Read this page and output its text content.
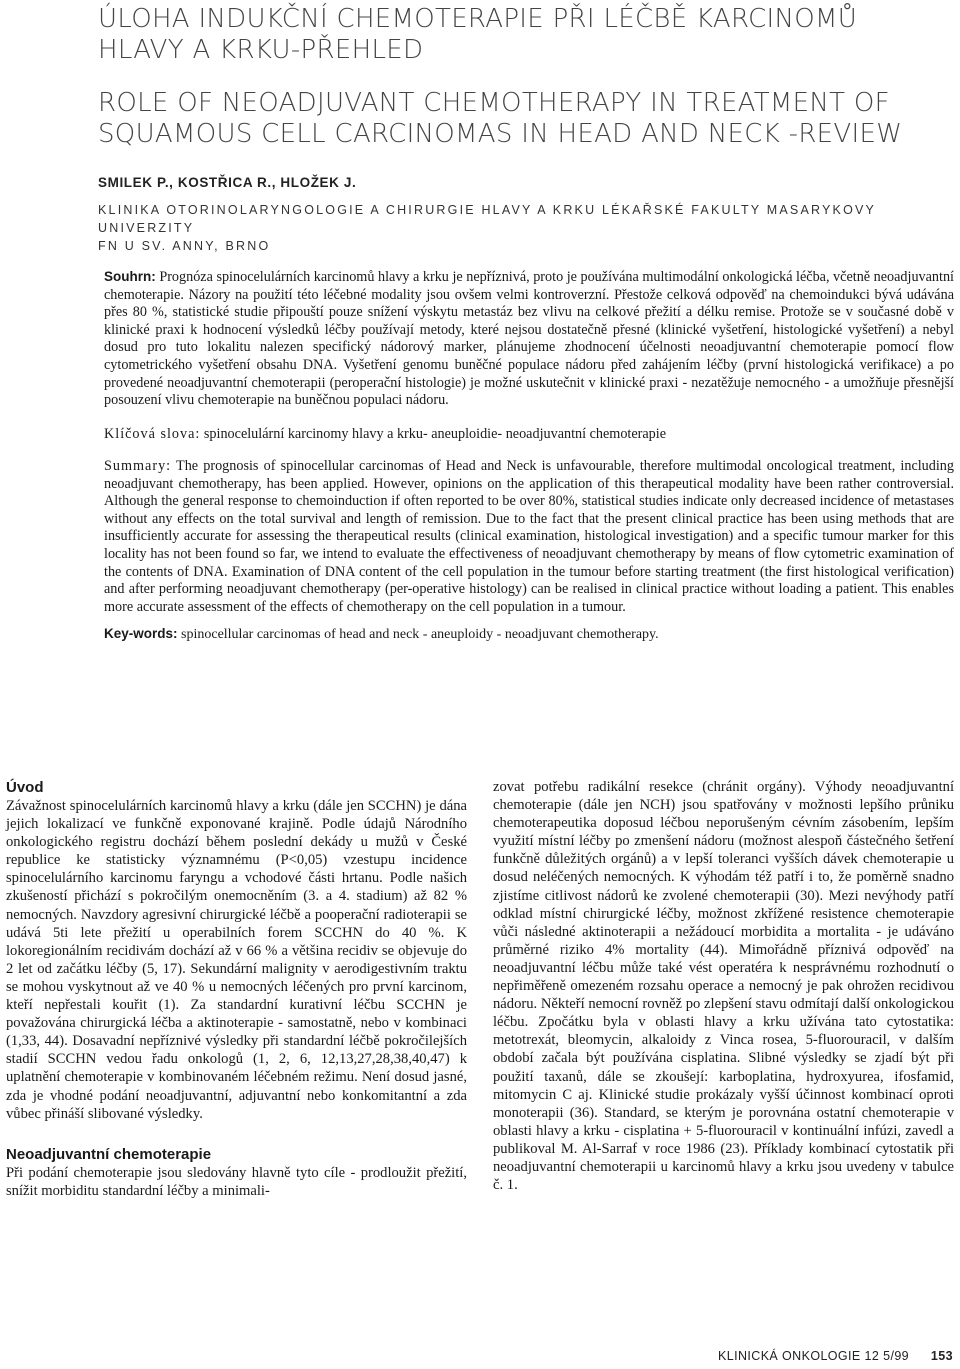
ÚLOHA INDUKČNÍ CHEMOTERAPIE PŘI LÉČBĚ KARCINOMŮ HLAVY A KRKU-PŘEHLED
ROLE OF NEOADJUVANT CHEMOTHERAPY IN TREATMENT OF SQUAMOUS CELL CARCINOMAS IN HEAD AND NECK -REVIEW
SMILEK P., KOSTŘICA R., HLOŽEK J.
KLINIKA OTORINOLARYNGOLOGIE A CHIRURGIE HLAVY A KRKU LÉKAŘSKÉ FAKULTY MASARYKOVY
UNIVERZITY
FN U SV. ANNY, BRNO
Souhrn: Prognóza spinocelulárních karcinomů hlavy a krku je nepříznivá, proto je používána multimodální onkologická léčba, včetně neoadjuvantní chemoterapie. Názory na použití této léčebné modality jsou ovšem velmi kontroverzní. Přestože celková odpověď na chemoindukci bývá udávána přes 80 %, statistické studie připouští pouze snížení výskytu metastáz bez vlivu na celkové přežití a délku remise. Protože se v současné době v klinické praxi k hodnocení výsledků léčby používají metody, které nejsou dostatečně přesné (klinické vyšetření, histologické vyšetření) a nebyl dosud pro tuto lokalitu nalezen specifický nádorový marker, plánujeme zhodnocení účelnosti neoadjuvantní chemoterapie pomocí flow cytometrického vyšetření obsahu DNA. Vyšetření genomu buněčné populace nádoru před zahájením léčby (první histologická verifikace) a po provedené neoadjuvantní chemoterapii (peroperační histologie) je možné uskutečnit v klinické praxi - nezatěžuje nemocného - a umožňuje přesnější posouzení vlivu chemoterapie na buněčnou populaci nádoru.
Klíčová slova: spinocelulární karcinomy hlavy a krku- aneuploidie- neoadjuvantní chemoterapie
Summary: The prognosis of spinocellular carcinomas of Head and Neck is unfavourable, therefore multimodal oncological treatment, including neoadjuvant chemotherapy, has been applied. However, opinions on the application of this therapeutical modality have been rather controversial. Although the general response to chemoinduction if often reported to be over 80%, statistical studies indicate only decreased incidence of metastases without any effects on the total survival and length of remission. Due to the fact that the present clinical practice has been using methods that are insufficiently accurate for assessing the therapeutical results (clinical examination, histological investigation) and a specific tumour marker for this locality has not been found so far, we intend to evaluate the effectiveness of neoadjuvant chemotherapy by means of flow cytometric examination of the contents of DNA. Examination of DNA content of the cell population in the tumour before starting treatment (the first histological verification) and after performing neoadjuvant chemotherapy (per-operative histology) can be realised in clinical practice without loading a patient. This enables more accurate assessment of the effects of chemotherapy on the cell population in a tumour.
Key-words: spinocellular carcinomas of head and neck - aneuploidy - neoadjuvant chemotherapy.

Úvod

Závažnost spinocelulárních karcinomů hlavy a krku (dále jen SCCHN) je dána jejich lokalizací ve funkčně exponované krajině. Podle údajů Národního onkologického registru dochází během poslední dekády u mužů v České republice ke statisticky významnému (P<0,05) vzestupu incidence spinocelulárního karcinomu faryngu a vchodové části hrtanu. Podle našich zkušeností přichází s pokročilým onemocněním (3. a 4. stadium) až 82 % nemocných. Navzdory agresivní chirurgické léčbě a pooperační radioterapii se udává 5ti lete přežití u operabilních forem SCCHN do 40 %. K lokoregionálním recidivám dochází až v 66 % a většina recidiv se objevuje do 2 let od začátku léčby (5, 17). Sekundární malignity v aerodigestivním traktu se mohou vyskytnout až ve 40 % u nemocných léčených pro první karcinom, kteří nepřestali kouřit (1). Za standardní kurativní léčbu SCCHN je považována chirurgická léčba a aktinoterapie - samostatně, nebo v kombinaci (1,33, 44). Dosavadní nepříznivé výsledky při standardní léčbě pokročilejších stadií SCCHN vedou řadu onkologů (1, 2, 6, 12,13,27,28,38,40,47) k uplatnění chemoterapie v kombinovaném léčebném režimu. Není dosud jasné, zda je vhodné podání neoadjuvantní, adjuvantní nebo konkomitantní a zda vůbec přináší slibované výsledky.

Neoadjuvantní chemoterapie

Při podání chemoterapie jsou sledovány hlavně tyto cíle - prodloužit přežití, snížit morbiditu standardní léčby a minimali-

zovat potřebu radikální resekce (chránit orgány). Výhody neoadjuvantní chemoterapie (dále jen NCH) jsou spatřovány v možnosti lepšího průniku chemoterapeutika doposud léčbou neporušeným cévním zásobením, lepším využití místní léčby po zmenšení nádoru (možnost alespoň částečného šetření funkčně důležitých orgánů) a v lepší toleranci vyšších dávek chemoterapie u dosud neléčených nemocných. K výhodám též patří i to, že poměrně snadno zjistíme citlivost nádorů ke zvolené chemoterapii (30). Mezi nevýhody patří odklad místní chirurgické léčby, možnost zkřížené resistence chemoterapie vůči následné aktinoterapii a nežádoucí morbidita a mortalita - je udáváno průměrné riziko 4% mortality (44). Mimořádně příznivá odpověď na neoadjuvantní léčbu může také vést operatéra k nesprávnému rozhodnutí o nepřiměřeně omezeném rozsahu operace a nemocný je pak ohrožen recidivou nádoru. Někteří nemocní rovněž po zlepšení stavu odmítají další onkologickou léčbu. Zpočátku byla v oblasti hlavy a krku užívána tato cytostatika: metotrexát, bleomycin, alkaloidy z Vinca rosea, 5-fluorouracil, v dalším období začala být používána cisplatina. Slibné výsledky se zjadí být při použití taxanů, dále se zkoušejí: karboplatina, hydroxyurea, ifosfamid, mitomycin C aj. Klinické studie prokázaly vyšší účinnost kombinací oproti monoterapii (36). Standard, se kterým je porovnána ostatní chemoterapie v oblasti hlavy a krku - cisplatina + 5-fluorouracil v kontinuální infúzi, zavedl a publikoval M. Al-Sarraf v roce 1986 (23). Příklady kombinací cytostatik při neoadjuvantní chemoterapii u karcinomů hlavy a krku jsou uvedeny v tabulce č. 1.

KLINICKÁ ONKOLOGIE 12 5/99 153
